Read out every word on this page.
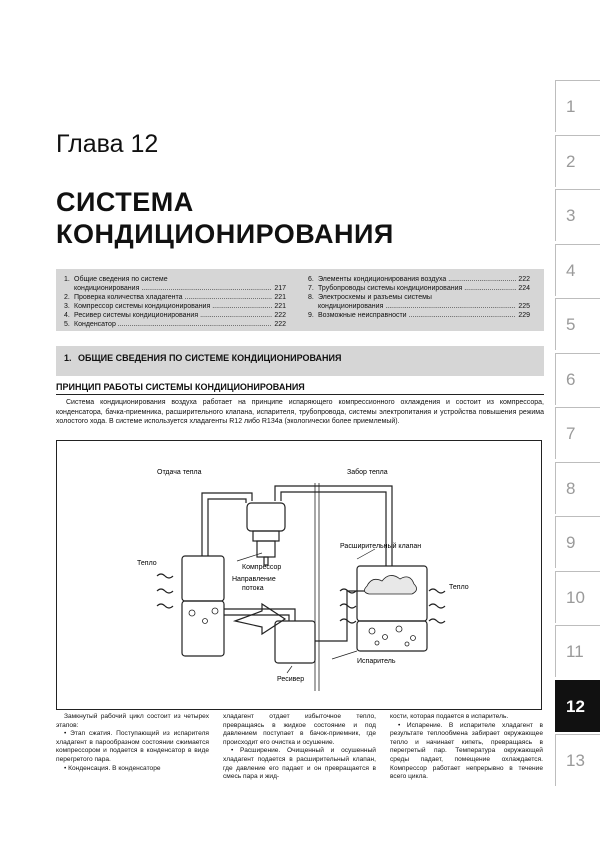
Глава 12
СИСТЕМА
КОНДИЦИОНИРОВАНИЯ
1. Общие сведения по системе
кондиционирования .....	217
2. Проверка количества хладагента .....	221
3. Компрессор системы кондиционирования .....	221
4. Ресивер системы кондиционирования .....	222
5. Конденсатор .....	222
6. Элементы кондиционирования воздуха .....	222
7. Трубопроводы системы кондиционирования .....	224
8. Электросхемы и разъемы системы
кондиционирования .....	225
9. Возможные неисправности .....	229
1. ОБЩИЕ СВЕДЕНИЯ ПО СИСТЕМЕ КОНДИЦИОНИРОВАНИЯ
ПРИНЦИП РАБОТЫ СИСТЕМЫ КОНДИЦИОНИРОВАНИЯ
Система кондиционирования воздуха работает на принципе испаряющего компрессионного охлаждения и состоит из компрессора, конденсатора, бачка-приемника, расширительного клапана, испарителя, трубопровода, системы электропитания и устройства повышения режима холостого хода. В системе используется хладагенты R12 либо R134a (экологически более приемлемый).
Отдача тепла	Забор тепла
Расширительный клапан
Тепло
Тепло
Компрессор
Направление
потока
Испаритель
Ресивер

Замкнутый рабочий цикл состоит из четырех этапов:

• Этап сжатия. Поступающий из испарителя хладагент в парообразном состоянии сжимается компрессором и подается в конденсатор в виде перегретого пара.

• Конденсация. В конденсаторе

хладагент отдает избыточное тепло, превращаясь в жидкое состояние и под давлением поступает в бачок-приемник, где происходит его очистка и осушение.

• Расширение. Очищенный и осушенный хладагент подается в расширительный клапан, где давление его падает и он превращается в смесь пара и жид-

кости, которая подается в испаритель.

• Испарение. В испарителе хладагент в результате теплообмена забирает окружающее тепло и начинает кипеть, превращаясь в перегретый пар. Температура окружающей среды падает, помещение охлаждается. Компрессор работает непрерывно в течение всего цикла.

1
2
3
4
5
6
7
8
9
10
11
12
13
